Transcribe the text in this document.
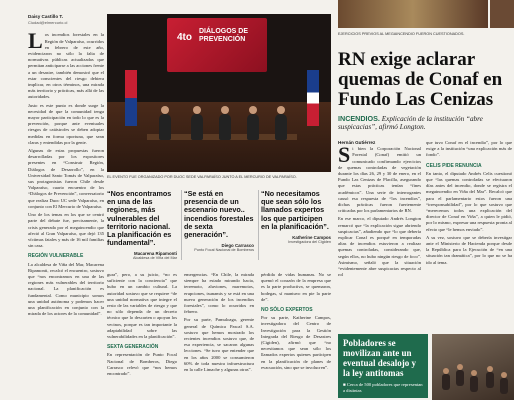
Daisy Castillo T.
Ciudad@elmercurio.cl
Los incendios forestales en la Región de Valparaíso, ocurridos en febrero de este año, evidenciaron no sólo la falta de normativas públicas actualizadas que permitan anticiparse a las acciones frente a un desastre, también demostró que el estar conscientes del riesgo debiera implicar, en otros términos, una mirada más territorio y prácticas, más allá de las autoridades.
Justo es este punto es donde surge la necesidad de que la comunidad tenga mayor participación en todo lo que es la prevención, porque ante eventuales riesgos de catástrofes se deben adoptar medidas en forma oportuna, que sean claras y entendidas por la gente.
Algunas de estas propuestas fueron desarrolladas por los expositores presentes en “Construir Región, Diálogos de Desarrollo”, en la Universidad Santo Tomás de Valparaíso, sus protagonistas fueron Chile desde Valparaíso, cuarto encuentro de los “Diálogos de Prevención”, conversatorio que realiza Duoc UC sede Valparaíso, en conjunto con El Mercurio de Valparaíso.
Uno de los temas en los que se centró parte del debate fue, precisamente, la crisis generada por el megaincendio que afectó al Gran Valparaíso, que dejó 135 víctimas fatales y más de 16 mil familias sin casa.
REGIÓN VULNERABLE
La alcaldesa de Viña del Mar, Macarena Ripamonti, recalcó el encuentro, sostuvo que “nos encontramos en una de las regiones más vulnerables del territorio nacional. La planificación es fundamental. Como municipio somos una unidad autónoma y podemos hacer una planificación en conjunto con la mirada de los actores de la comunidad”.
4to
DIÁLOGOS DE PREVENCIÓN
EL EVENTO FUE ORGANIZADO POR DUOC SEDE VALPARAÍSO JUNTO A EL MERCURIO DE VALPARAÍSO.
“Nos encontramos en una de las regiones, más vulnerables del territorio nacional. La planificación es fundamental”.
Macarena Ripamonti
Alcaldesa de Viña del Mar
“Se está en presencia de un escenario nuevo.. incendios forestales de sexta generación”.
Diego Carrasco
Punto Focal Nacional de Bomberos
“No necesitamos que sean sólo los llamados expertos los que participen en la planificación”.
Katherine Campos
Investigadora del Cigiden
gura”, pero, a su juicio, “no es suficiente con la conciencia” que hubo en un cambio cultural. La autoridad sostuvo que se requiere “de una unidad normativa que integre el resto de las variables de riesgo y que no sólo dependa de un decreto técnico que lo descarten o apoyan los vecinos, porque es tan importante la adaptabilidad sobre las vulnerabilidades en la planificación”.
SEXTA GENERACIÓN
En representación de Punto Focal Nacional de Bomberos, Diego Carrasco relevó que “nos hemos encontrado”.
emergencias. “En Chile, la mirada siempre ha estado mirando hacia, terremoto, aluviones, maremotos, erupciones, tsunamis y se está en una nueva generación de los incendios forestales”, como lo ocurridos en febrero.
Por su parte, Pamuloaga, gerente general de Química Pascal S.A. sostuvo que hemos mostrado los recientes incendios sostuvo que, de esa experiencia, se sacaron algunas lecciones. “Se tuvo que entender que en los años 2000 se consumieron 60% de toda nuestra infraestructura en la calle Limache y algunas otras”.
pérdida de vidas humanas. No se quemó el corazón de la empresa que es la parte productiva, se quemaron, bodegas, sí mantuvo en pie la parte de”.
NO SÓLO EXPERTOS
Por su parte, Katherine Campos, investigadora del Centro de Investigación para la Gestión Integrada del Riesgo de Desastres (Cigiden), afirmó que “no necesitamos que sean sólo los llamados expertos quienes participen en la planificación de planes de evacuación, sino que se involucren”.
EJERCICIOS PREVIOS AL MEGAINCENDIO FUERON CUESTIONADOS.
RN exige aclarar quemas de Conaf en Fundo Las Cenizas
INCENDIOS. Explicación de la institución “abre suspicacias”, afirmó Longton.
Hernán Gutiérrez
Si bien la Corporación Nacional Forestal (Conaf) emitió un comunicado confirmando ejercicios de quemas controladas de vegetación durante los días 26, 29 y 30 de enero, en el Fundo Las Cenizas de Placilla, asegurando que estas prácticas tenían “fines académicos”. Una serie de interrogantes causó esa respuesta de “los incendios”, dichas prácticas fueron fuertemente criticadas por los parlamentarios de RN.
En ese marco, el diputado Andrés Longton remarcó que “la explicación sigue abriendo suspicacias”, añadiendo que “lo que debería explicar Conaf es porqué en temporadas altas de incendios estuvieron a realizar quemas controladas, considerando que, según ellos, no hubo ningún riesgo de foco”. Asimismo, señaló que la situación “evidentemente abre suspicacias respecto al rol
que tuvo Conaf en el incendio”, por lo que exige a la institución “una explicación más de fondo”.
CELIS PIDE RENUNCIA
En tanto, el diputado Andrés Celis cuestionó que “las quemas controladas se efectuaron días antes del incendio, donde se registra el megaincendio en Viña del Mar”. Recalcó que para el parlamentario estos fueron una “irresponsabilidad”, por lo que sostuvo que “merecemos todos una explicación del director de Conaf en Viña”, a quien le pidió, por lo mismo, expresar una respuesta pronta al efecto que “le hemos enviado”.
A su vez, sostuvo que se debería investigar ante el Ministerio de Hacienda porque desde la República para la Ejecución de “en una situación tan dramática”, por lo que no se ha ido al tema.
Pobladores se movilizan ante un eventual desalojo y la ley antitomas
■ Cerca de 500 pobladores que representan a distintas
